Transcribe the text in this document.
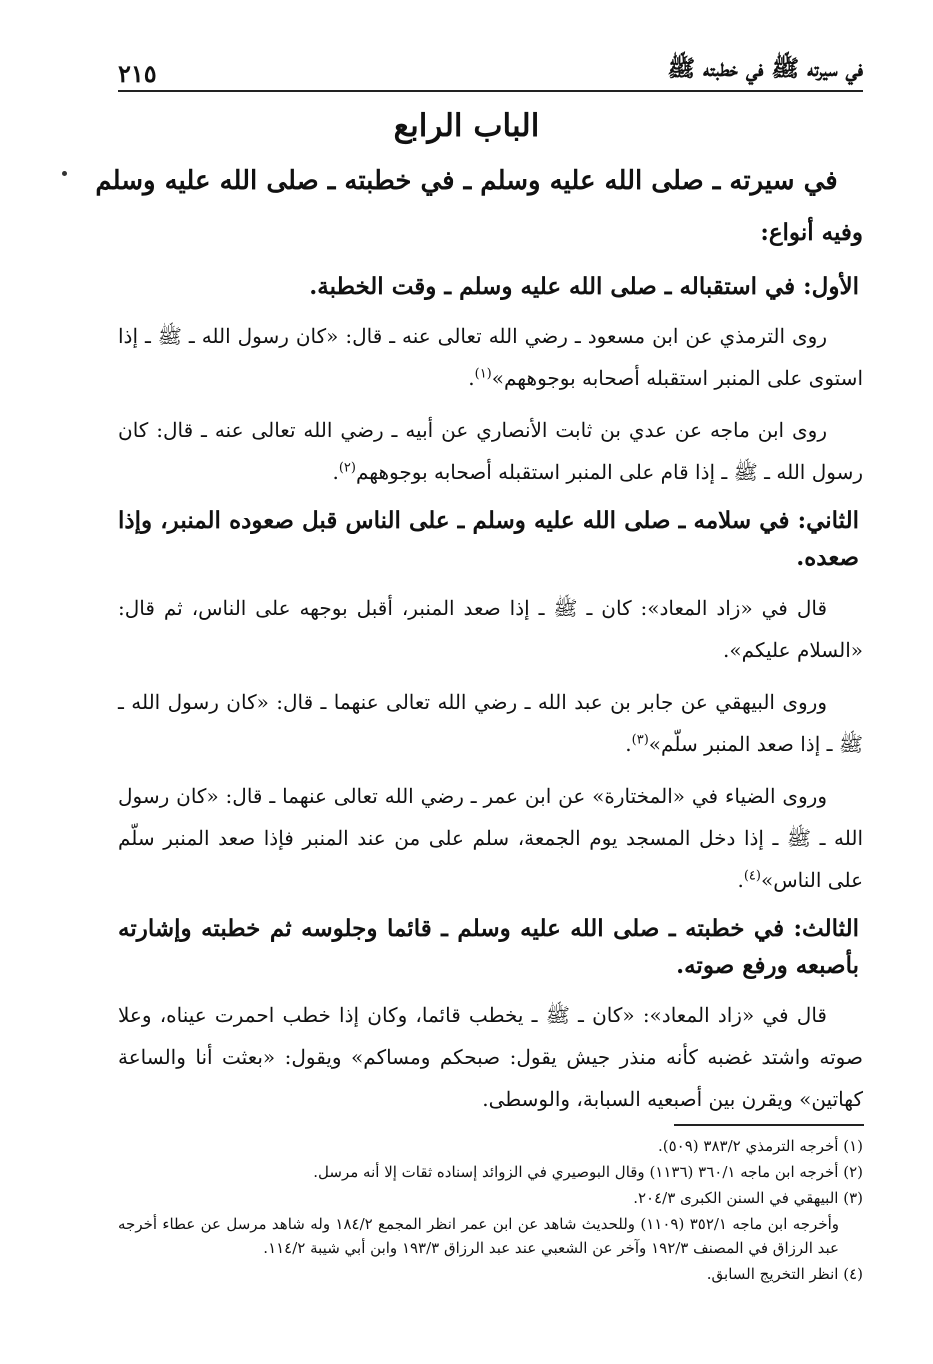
في سيرته ﷺ في خطبته ﷺ
٢١٥
الباب الرابع
في سيرته ـ صلى الله عليه وسلم ـ في خطبته ـ صلى الله عليه وسلم

وفيه أنواع:

الأول: في استقباله ـ صلى الله عليه وسلم ـ وقت الخطبة.

روى الترمذي عن ابن مسعود ـ رضي الله تعالى عنه ـ قال: «كان رسول الله ـ ﷺ ـ إذا استوى على المنبر استقبله أصحابه بوجوههم»$^{(١)}$.

روى ابن ماجه عن عدي بن ثابت الأنصاري عن أبيه ـ رضي الله تعالى عنه ـ قال: كان رسول الله ـ ﷺ ـ إذا قام على المنبر استقبله أصحابه بوجوههم$^{(٢)}$.

الثاني: في سلامه ـ صلى الله عليه وسلم ـ على الناس قبل صعوده المنبر، وإذا صعده.

قال في «زاد المعاد»: كان ـ ﷺ ـ إذا صعد المنبر، أقبل بوجهه على الناس، ثم قال: «السلام عليكم».

وروى البيهقي عن جابر بن عبد الله ـ رضي الله تعالى عنهما ـ قال: «كان رسول الله ـ ﷺ ـ إذا صعد المنبر سلّم»$^{(٣)}$.

وروى الضياء في «المختارة» عن ابن عمر ـ رضي الله تعالى عنهما ـ قال: «كان رسول الله ـ ﷺ ـ إذا دخل المسجد يوم الجمعة، سلم على من عند المنبر فإذا صعد المنبر سلّم على الناس»$^{(٤)}$.

الثالث: في خطبته ـ صلى الله عليه وسلم ـ قائما وجلوسه ثم خطبته وإشارته بأصبعه ورفع صوته.

قال في «زاد المعاد»: «كان ـ ﷺ ـ يخطب قائما، وكان إذا خطب احمرت عيناه، وعلا صوته واشتد غضبه كأنه منذر جيش يقول: صبحكم ومساكم» ويقول: «بعثت أنا والساعة كهاتين» ويقرن بين أصبعيه السبابة، والوسطى.

(١) أخرجه الترمذي ٣٨٣/٢ (٥٠٩).

(٢) أخرجه ابن ماجه ٣٦٠/١ (١١٣٦) وقال البوصيري في الزوائد إسناده ثقات إلا أنه مرسل.

(٣) البيهقي في السنن الكبرى ٢٠٤/٣.

وأخرجه ابن ماجه ٣٥٢/١ (١١٠٩) وللحديث شاهد عن ابن عمر انظر المجمع ١٨٤/٢ وله شاهد مرسل عن عطاء أخرجه عبد الرزاق في المصنف ١٩٢/٣ وآخر عن الشعبي عند عبد الرزاق ١٩٣/٣ وابن أبي شيبة ١١٤/٢.

(٤) انظر التخريج السابق.
